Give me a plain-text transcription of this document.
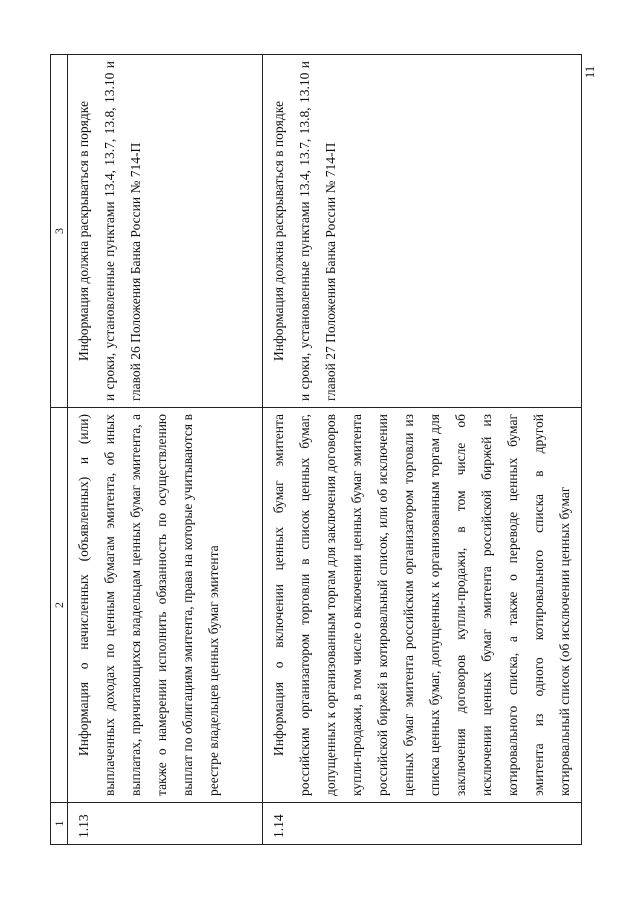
1	2	3
1.13	Информация о начисленных (объявленных) и (или) выплаченных доходах по ценным бумагам эмитента, об иных выплатах, причитающихся владельцам ценных бумаг эмитента, а также о намерении исполнить обязанность по осуществлению выплат по облигациям эмитента, права на которые учитываются в реестре владельцев ценных бумаг эмитента	Информация должна раскрываться в порядке и сроки, установленные пунктами 13.4, 13.7, 13.8, 13.10 и главой 26 Положения Банка России № 714-П
1.14	Информация о включении ценных бумаг эмитента российским организатором торговли в список ценных бумаг, допущенных к организованным торгам для заключения договоров купли-продажи, в том числе о включении ценных бумаг эмитента российской биржей в котировальный список, или об исключении ценных бумаг эмитента российским организатором торговли из списка ценных бумаг, допущенных к организованным торгам для заключения договоров купли-продажи, в том числе об исключении ценных бумаг эмитента российской биржей из котировального списка, а также о переводе ценных бумаг эмитента из одного котировального списка в другой котировальный список (об исключении ценных бумаг	Информация должна раскрываться в порядке и сроки, установленные пунктами 13.4, 13.7, 13.8, 13.10 и главой 27 Положения Банка России № 714-П
11
